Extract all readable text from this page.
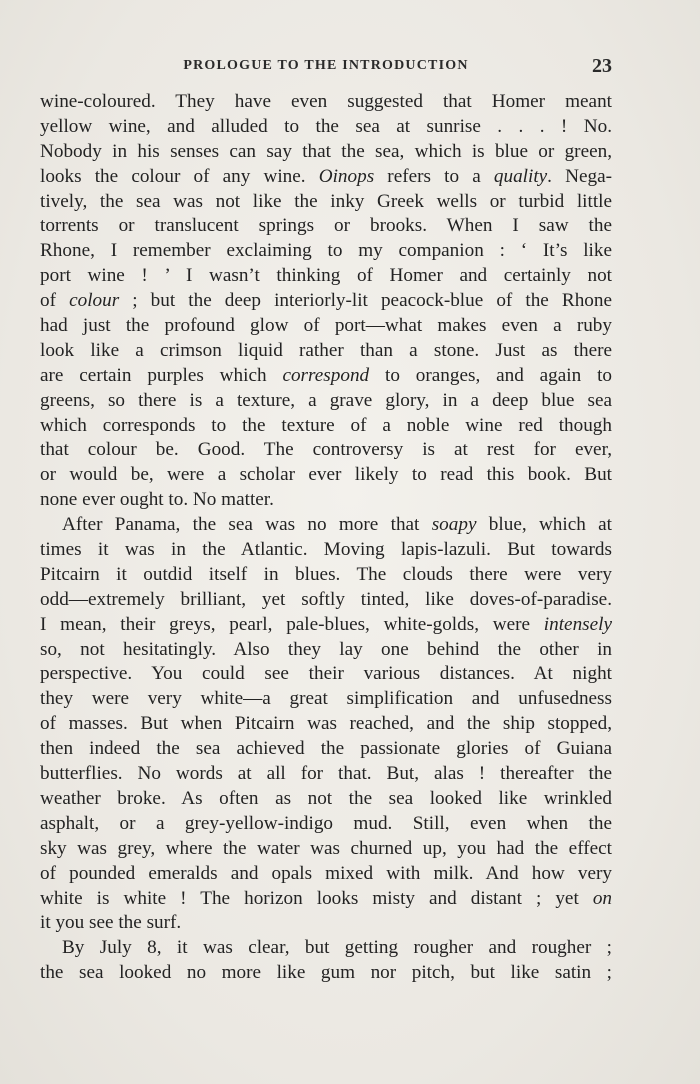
PROLOGUE TO THE INTRODUCTION	23
wine-coloured. They have even suggested that Homer meant
yellow wine, and alluded to the sea at sunrise . . . ! No.
Nobody in his senses can say that the sea, which is blue or green,
looks the colour of any wine. Oinops refers to a quality. Nega-
tively, the sea was not like the inky Greek wells or turbid little
torrents or translucent springs or brooks. When I saw the
Rhone, I remember exclaiming to my companion : ‘ It’s like
port wine ! ’ I wasn’t thinking of Homer and certainly not
of colour ; but the deep interiorly-lit peacock-blue of the Rhone
had just the profound glow of port—what makes even a ruby
look like a crimson liquid rather than a stone. Just as there
are certain purples which correspond to oranges, and again to
greens, so there is a texture, a grave glory, in a deep blue sea
which corresponds to the texture of a noble wine red though
that colour be. Good. The controversy is at rest for ever,
or would be, were a scholar ever likely to read this book. But
none ever ought to. No matter.
After Panama, the sea was no more that soapy blue, which at
times it was in the Atlantic. Moving lapis-lazuli. But towards
Pitcairn it outdid itself in blues. The clouds there were very
odd—extremely brilliant, yet softly tinted, like doves-of-paradise.
I mean, their greys, pearl, pale-blues, white-golds, were intensely
so, not hesitatingly. Also they lay one behind the other in
perspective. You could see their various distances. At night
they were very white—a great simplification and unfusedness
of masses. But when Pitcairn was reached, and the ship stopped,
then indeed the sea achieved the passionate glories of Guiana
butterflies. No words at all for that. But, alas ! thereafter the
weather broke. As often as not the sea looked like wrinkled
asphalt, or a grey-yellow-indigo mud. Still, even when the
sky was grey, where the water was churned up, you had the effect
of pounded emeralds and opals mixed with milk. And how very
white is white ! The horizon looks misty and distant ; yet on
it you see the surf.
By July 8, it was clear, but getting rougher and rougher ;
the sea looked no more like gum nor pitch, but like satin ;
